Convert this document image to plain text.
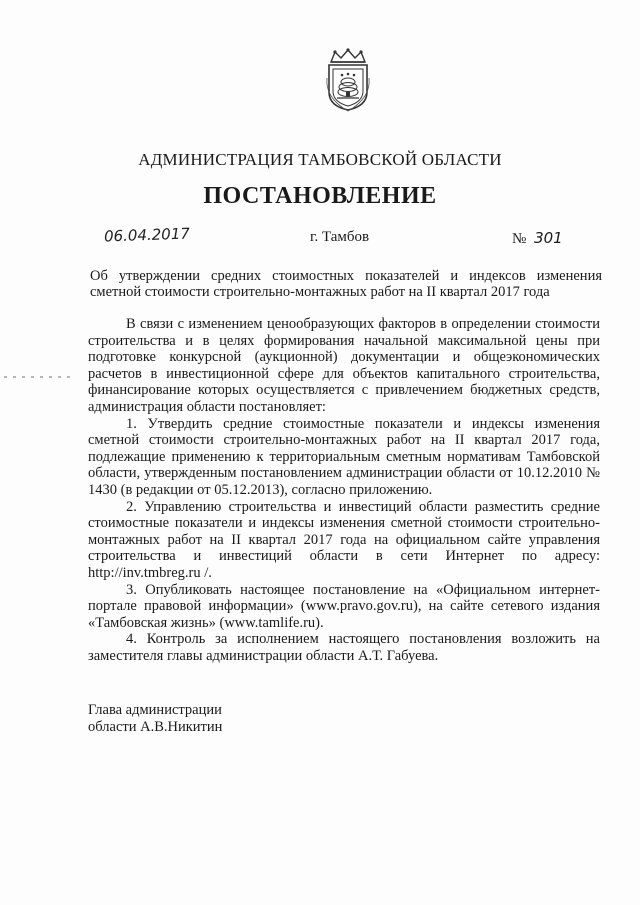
АДМИНИСТРАЦИЯ ТАМБОВСКОЙ ОБЛАСТИ
ПОСТАНОВЛЕНИЕ
06.04.2017	г. Тамбов	№ 301
Об утверждении средних стоимостных показателей и индексов изменения
сметной стоимости строительно-монтажных работ на II квартал 2017 года

В связи с изменением ценообразующих факторов в определении стоимости строительства и в целях формирования начальной максимальной цены при подготовке конкурсной (аукционной) документации и общеэкономических расчетов в инвестиционной сфере для объектов капитального строительства, финансирование которых осуществляется с привлечением бюджетных средств, администрация области постановляет:

1. Утвердить средние стоимостные показатели и индексы изменения сметной стоимости строительно-монтажных работ на II квартал 2017 года, подлежащие применению к территориальным сметным нормативам Тамбовской области, утвержденным постановлением администрации области от 10.12.2010 № 1430 (в редакции от 05.12.2013), согласно приложению.

2. Управлению строительства и инвестиций области разместить средние стоимостные показатели и индексы изменения сметной стоимости строительно-монтажных работ на II квартал 2017 года на официальном сайте управления строительства и инвестиций области в сети Интернет по адресу: http://inv.tmbreg.ru /.

3. Опубликовать настоящее постановление на «Официальном интернет-портале правовой информации» (www.pravo.gov.ru), на сайте сетевого издания «Тамбовская жизнь» (www.tamlife.ru).

4. Контроль за исполнением настоящего постановления возложить на заместителя главы администрации области А.Т. Габуева.

Глава администрации
области А.В.Никитин
